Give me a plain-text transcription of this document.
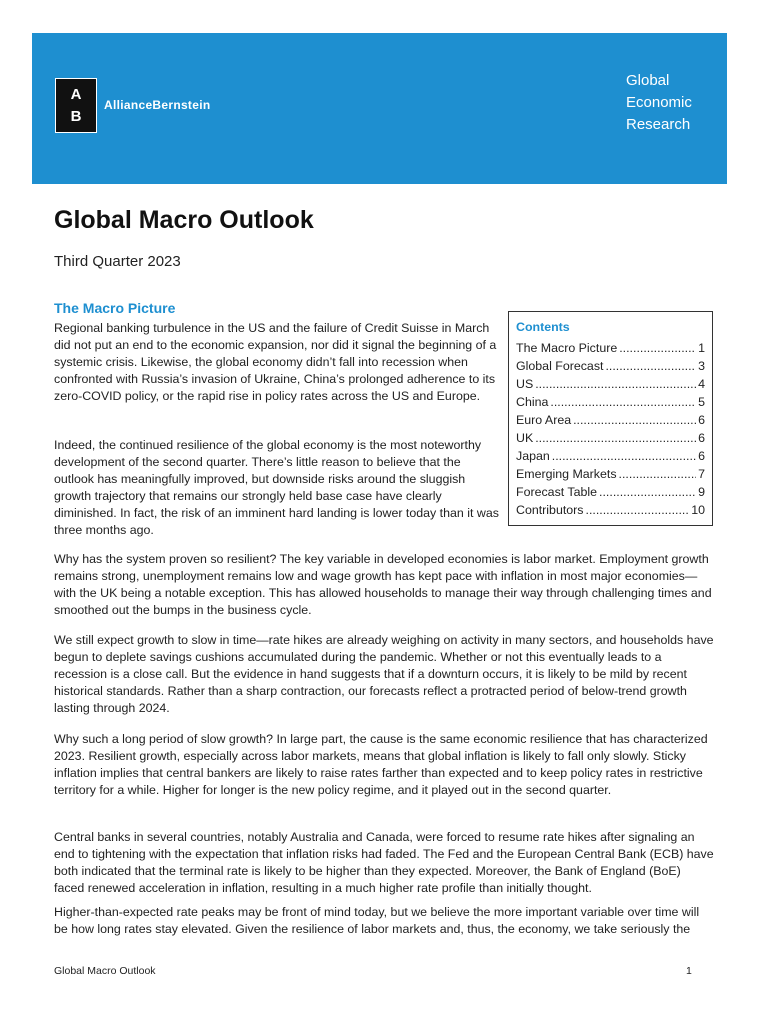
A
B
AllianceBernstein
Global
Economic
Research
Global Macro Outlook
Third Quarter 2023
The Macro Picture

Regional banking turbulence in the US and the failure of Credit Suisse in March did not put an end to the economic expansion, nor did it signal the beginning of a systemic crisis. Likewise, the global economy didn’t fall into recession when confronted with Russia’s invasion of Ukraine, China’s prolonged adherence to its zero-COVID policy, or the rapid rise in policy rates across the US and Europe.

Indeed, the continued resilience of the global economy is the most noteworthy development of the second quarter. There’s little reason to believe that the outlook has meaningfully improved, but downside risks around the sluggish growth trajectory that remains our strongly held base case have clearly diminished. In fact, the risk of an imminent hard landing is lower today than it was three months ago.

Why has the system proven so resilient? The key variable in developed economies is labor market. Employment growth remains strong, unemployment remains low and wage growth has kept pace with inflation in most major economies—with the UK being a notable exception. This has allowed households to manage their way through challenging times and smoothed out the bumps in the business cycle.

We still expect growth to slow in time—rate hikes are already weighing on activity in many sectors, and households have begun to deplete savings cushions accumulated during the pandemic. Whether or not this eventually leads to a recession is a close call. But the evidence in hand suggests that if a downturn occurs, it is likely to be mild by recent historical standards. Rather than a sharp contraction, our forecasts reflect a protracted period of below-trend growth lasting through 2024.

Why such a long period of slow growth? In large part, the cause is the same economic resilience that has characterized 2023. Resilient growth, especially across labor markets, means that global inflation is likely to fall only slowly. Sticky inflation implies that central bankers are likely to raise rates farther than expected and to keep policy rates in restrictive territory for a while. Higher for longer is the new policy regime, and it played out in the second quarter.

Central banks in several countries, notably Australia and Canada, were forced to resume rate hikes after signaling an end to tightening with the expectation that inflation risks had faded. The Fed and the European Central Bank (ECB) have both indicated that the terminal rate is likely to be higher than they expected. Moreover, the Bank of England (BoE) faced renewed acceleration in inflation, resulting in a much higher rate profile than initially thought.

Higher-than-expected rate peaks may be front of mind today, but we believe the more important variable over time will be how long rates stay elevated. Given the resilience of labor markets and, thus, the economy, we take seriously the

Contents
The Macro Picture .....	1
Global Forecast .....	3
US .....	4
China .....	5
Euro Area .....	6
UK .....	6
Japan .....	6
Emerging Markets .....	7
Forecast Table .....	9
Contributors .....	10
Global Macro Outlook	1
